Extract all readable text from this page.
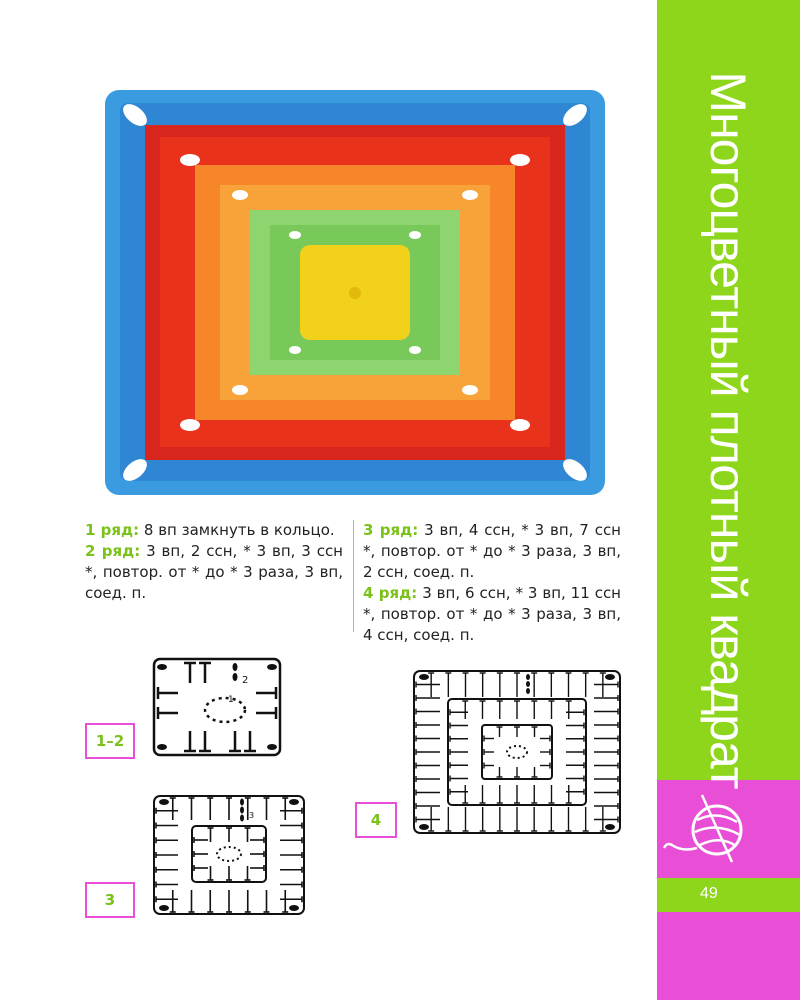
Многоцветный плотный квадрат
49
1 ряд: 8 вп замкнуть в кольцо.
2 ряд: 3 вп, 2 ссн, * 3 вп, 3 ссн *, повтор. от * до * 3 раза, 3 вп, соед. п.
3 ряд: 3 вп, 4 ссн, * 3 вп, 7 ссн *, повтор. от * до * 3 раза, 3 вп, 2 ссн, соед. п.
4 ряд: 3 вп, 6 ссн, * 3 вп, 11 ссн *, повтор. от * до * 3 раза, 3 вп, 4 ссн, соед. п.
1–2
3
4
2
1
3
